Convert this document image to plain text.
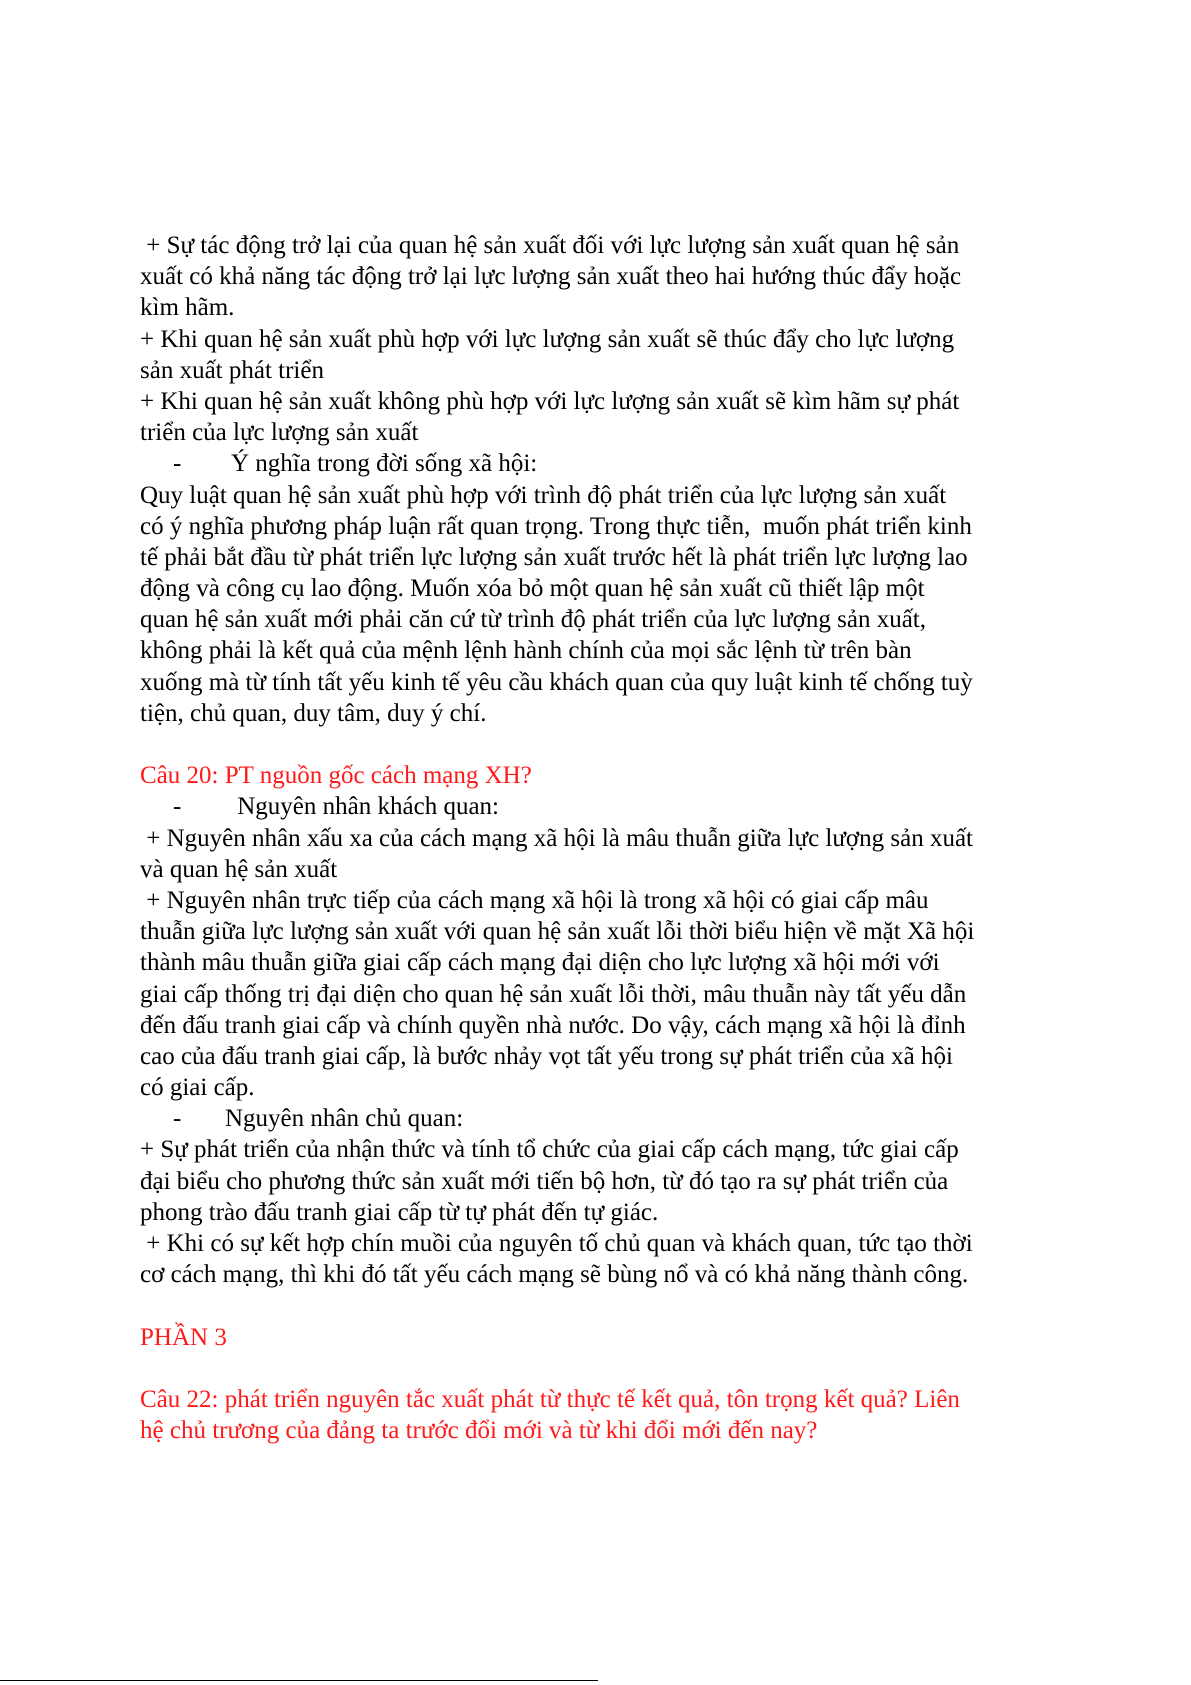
+ Sự tác động trở lại của quan hệ sản xuất đối với lực lượng sản xuất quan hệ sản
xuất có khả năng tác động trở lại lực lượng sản xuất theo hai hướng thúc đẩy hoặc
kìm hãm.
+ Khi quan hệ sản xuất phù hợp với lực lượng sản xuất sẽ thúc đẩy cho lực lượng
sản xuất phát triển
+ Khi quan hệ sản xuất không phù hợp với lực lượng sản xuất sẽ kìm hãm sự phát
triển của lực lượng sản xuất
- Ý nghĩa trong đời sống xã hội:
Quy luật quan hệ sản xuất phù hợp với trình độ phát triển của lực lượng sản xuất
có ý nghĩa phương pháp luận rất quan trọng. Trong thực tiễn,  muốn phát triển kinh
tế phải bắt đầu từ phát triển lực lượng sản xuất trước hết là phát triển lực lượng lao
động và công cụ lao động. Muốn xóa bỏ một quan hệ sản xuất cũ thiết lập một
quan hệ sản xuất mới phải căn cứ từ trình độ phát triển của lực lượng sản xuất,
không phải là kết quả của mệnh lệnh hành chính của mọi sắc lệnh từ trên bàn
xuống mà từ tính tất yếu kinh tế yêu cầu khách quan của quy luật kinh tế chống tuỳ
tiện, chủ quan, duy tâm, duy ý chí.
Câu 20: PT nguồn gốc cách mạng XH?
- Nguyên nhân khách quan:
+ Nguyên nhân xấu xa của cách mạng xã hội là mâu thuẫn giữa lực lượng sản xuất
và quan hệ sản xuất
+ Nguyên nhân trực tiếp của cách mạng xã hội là trong xã hội có giai cấp mâu
thuẫn giữa lực lượng sản xuất với quan hệ sản xuất lỗi thời biểu hiện về mặt Xã hội
thành mâu thuẫn giữa giai cấp cách mạng đại diện cho lực lượng xã hội mới với
giai cấp thống trị đại diện cho quan hệ sản xuất lỗi thời, mâu thuẫn này tất yếu dẫn
đến đấu tranh giai cấp và chính quyền nhà nước. Do vậy, cách mạng xã hội là đỉnh
cao của đấu tranh giai cấp, là bước nhảy vọt tất yếu trong sự phát triển của xã hội
có giai cấp.
- Nguyên nhân chủ quan:
+ Sự phát triển của nhận thức và tính tổ chức của giai cấp cách mạng, tức giai cấp
đại biểu cho phương thức sản xuất mới tiến bộ hơn, từ đó tạo ra sự phát triển của
phong trào đấu tranh giai cấp từ tự phát đến tự giác.
+ Khi có sự kết hợp chín muồi của nguyên tố chủ quan và khách quan, tức tạo thời
cơ cách mạng, thì khi đó tất yếu cách mạng sẽ bùng nổ và có khả năng thành công.
PHẦN 3
Câu 22: phát triển nguyên tắc xuất phát từ thực tế kết quả, tôn trọng kết quả? Liên
hệ chủ trương của đảng ta trước đổi mới và từ khi đổi mới đến nay?
